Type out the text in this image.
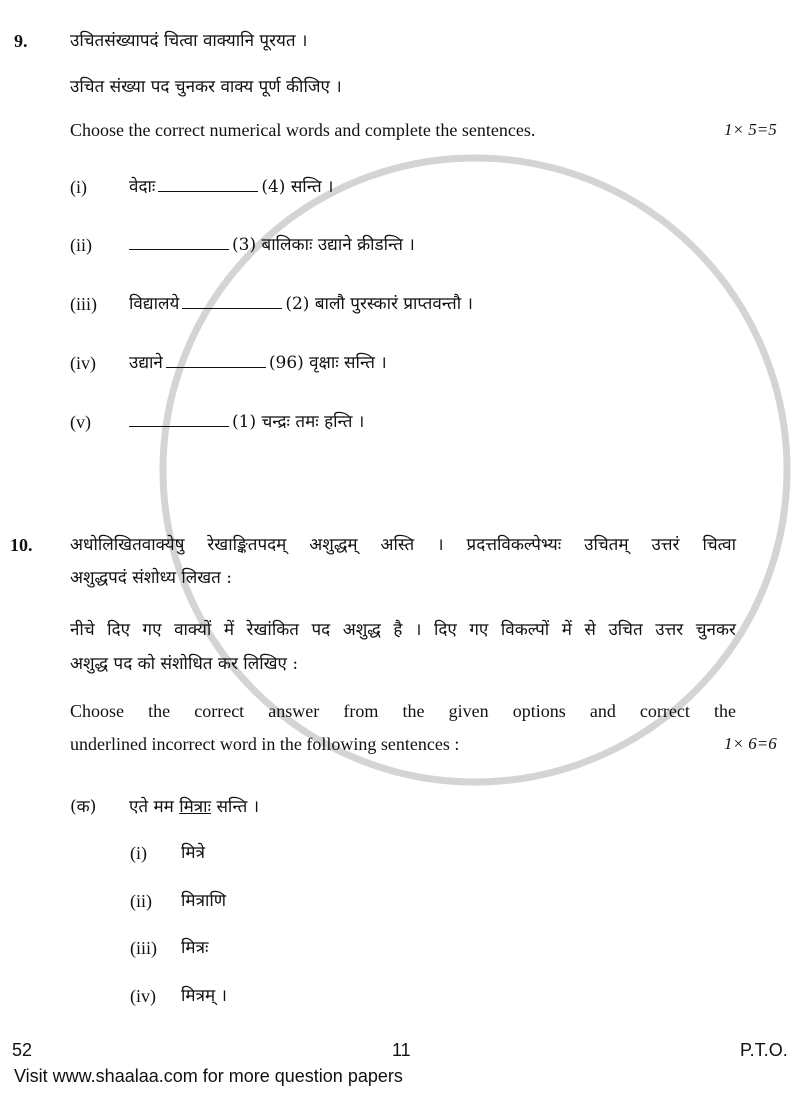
9.	उचितसंख्यापदं चित्वा वाक्यानि पूरयत ।
उचित संख्या पद चुनकर वाक्य पूर्ण कीजिए ।
Choose the correct numerical words and complete the sentences.	1× 5=5
(i) वेदाः	(4) सन्ति ।
(ii)	(3) बालिकाः उद्याने क्रीडन्ति ।
(iii) विद्यालये	(2) बालौ पुरस्कारं प्राप्तवन्तौ ।
(iv) उद्याने	(96) वृक्षाः सन्ति ।
(v)	(1) चन्द्रः तमः हन्ति ।
10. अधोलिखितवाक्येषु रेखाङ्कितपदम् अशुद्धम् अस्ति । प्रदत्तविकल्पेभ्यः उचितम् उत्तरं चित्वा
अशुद्धपदं संशोध्य लिखत :
नीचे दिए गए वाक्यों में रेखांकित पद अशुद्ध है । दिए गए विकल्पों में से उचित उत्तर चुनकर
अशुद्ध पद को संशोधित कर लिखिए :
Choose the correct answer from the given options and correct the
underlined incorrect word in the following sentences :	1× 6=6
(क) एते मम मित्राः सन्ति ।
(i) मित्रे
(ii) मित्राणि
(iii) मित्रः
(iv) मित्रम् ।
52	11	P.T.O.
Visit www.shaalaa.com for more question papers
